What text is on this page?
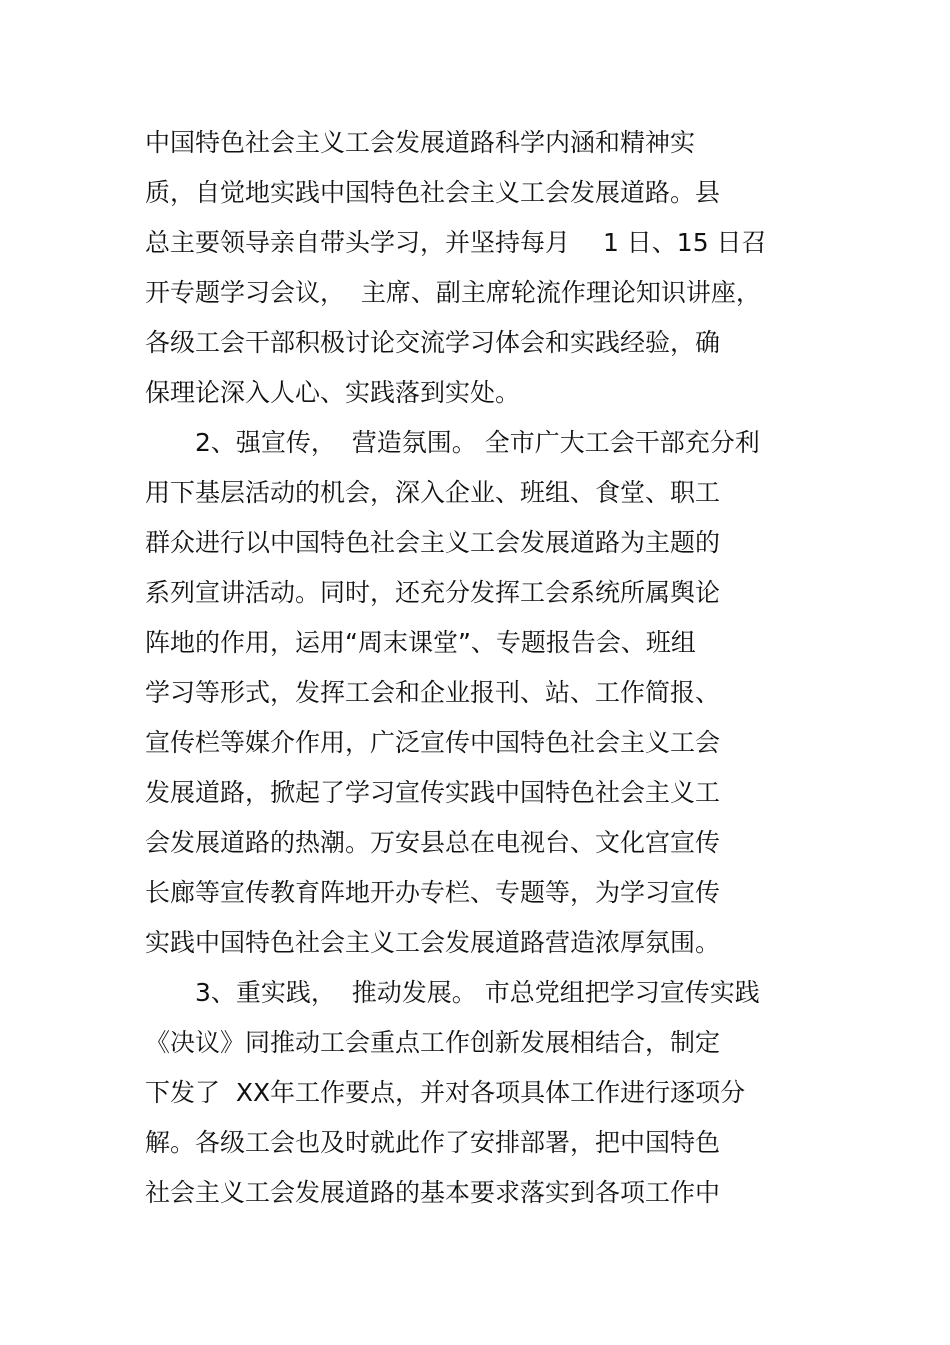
中国特色社会主义工会发展道路科学内涵和精神实
质，自觉地实践中国特色社会主义工会发展道路。县
总主要领导亲自带头学习，并坚持每月　 1 日、15 日召
开专题学习会议，  主席、副主席轮流作理论知识讲座，
各级工会干部积极讨论交流学习体会和实践经验，确
保理论深入人心、实践落到实处。
　　2、强宣传，  营造氛围。 全市广大工会干部充分利
用下基层活动的机会，深入企业、班组、食堂、职工
群众进行以中国特色社会主义工会发展道路为主题的
系列宣讲活动。同时，还充分发挥工会系统所属舆论
阵地的作用，运用“周末课堂”、专题报告会、班组
学习等形式，发挥工会和企业报刊、站、工作简报、
宣传栏等媒介作用，广泛宣传中国特色社会主义工会
发展道路，掀起了学习宣传实践中国特色社会主义工
会发展道路的热潮。万安县总在电视台、文化宫宣传
长廊等宣传教育阵地开办专栏、专题等，为学习宣传
实践中国特色社会主义工会发展道路营造浓厚氛围。
　　3、重实践，  推动发展。 市总党组把学习宣传实践
《决议》同推动工会重点工作创新发展相结合，制定
下发了  XX年工作要点，并对各项具体工作进行逐项分
解。各级工会也及时就此作了安排部署，把中国特色
社会主义工会发展道路的基本要求落实到各项工作中
